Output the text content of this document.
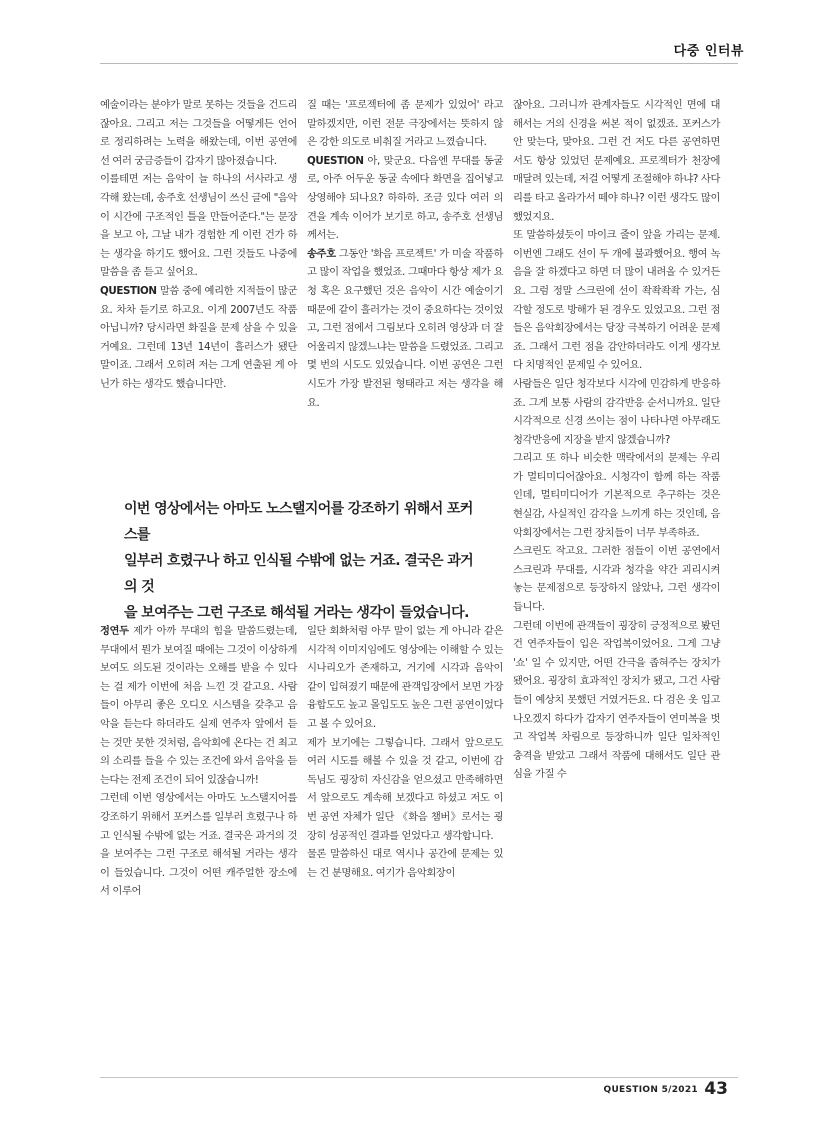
다중 인터뷰

예술이라는 분야가 말로 못하는 것들을 건드리잖아요. 그리고 저는 그것들을 어떻게든 언어로 정리하려는 노력을 해왔는데, 이번 공연에선 여러 궁금증들이 갑자기 많아졌습니다.

이를테면 저는 음악이 늘 하나의 서사라고 생각해 왔는데, 송주호 선생님이 쓰신 글에 "음악이 시간에 구조적인 틀을 만들어준다."는 문장을 보고 아, 그날 내가 경험한 게 이런 건가 하는 생각을 하기도 했어요. 그런 것들도 나중에 말씀을 좀 듣고 싶어요.

QUESTION 말씀 중에 예리한 지적들이 많군요. 차차 듣기로 하고요. 이게 2007년도 작품 아닙니까? 당시라면 화질을 문제 삼을 수 있을 거예요. 그런데 13년 14년이 흘러스가 됐단 말이죠. 그래서 오히려 저는 그게 연출된 게 아닌가 하는 생각도 했습니다만.

질 때는 '프로젝터에 좀 문제가 있었어' 라고 말하겠지만, 이런 전문 극장에서는 뜻하지 않은 강한 의도로 비춰질 거라고 느꼈습니다.

QUESTION 아, 맞군요. 다음엔 무대를 동굴로, 아주 어두운 동굴 속에다 화면을 집어넣고 상영해야 되나요? 하하하. 조금 있다 여러 의견을 계속 이어가 보기로 하고, 송주호 선생님께서는.

송주호 그동안 '화음 프로젝트' 가 미술 작품하고 많이 작업을 했었죠. 그때마다 항상 제가 요청 혹은 요구했던 것은 음악이 시간 예술이기 때문에 같이 흘러가는 것이 중요하다는 것이었고, 그런 점에서 그림보다 오히려 영상과 더 잘 어울리지 않겠느냐는 말씀을 드렸었죠. 그리고 몇 번의 시도도 있었습니다. 이번 공연은 그런 시도가 가장 발전된 형태라고 저는 생각을 해요.

잖아요. 그러니까 관계자들도 시각적인 면에 대해서는 거의 신경을 써본 적이 없겠죠. 포커스가 안 맞는다, 맞아요. 그런 건 저도 다른 공연하면서도 항상 있었던 문제예요. 프로젝터가 천장에 매달려 있는데, 저걸 어떻게 조절해야 하냐? 사다리를 타고 올라가서 떼야 하나? 이런 생각도 많이 했었지요.

또 말씀하셨듯이 마이크 줄이 앞을 가리는 문제. 이번엔 그래도 선이 두 개에 불과했어요. 행여 녹음을 잘 하겠다고 하면 더 많이 내려올 수 있거든요. 그럼 정말 스크린에 선이 좍좍좍좍 가는, 심각할 정도로 방해가 된 경우도 있었고요. 그런 점들은 음악회장에서는 당장 극복하기 어려운 문제죠. 그래서 그런 점을 감안하더라도 이게 생각보다 치명적인 문제일 수 있어요.

사람들은 일단 청각보다 시각에 민감하게 반응하죠. 그게 보통 사람의 감각반응 순서니까요. 일단 시각적으로 신경 쓰이는 점이 나타나면 아무래도 청각반응에 지장을 받지 않겠습니까?

그리고 또 하나 비슷한 맥락에서의 문제는 우리가 멀티미디어잖아요. 시청각이 함께 하는 작품인데, 멀티미디어가 기본적으로 추구하는 것은 현실감, 사실적인 감각을 느끼게 하는 것인데, 음악회장에서는 그런 장치들이 너무 부족하죠.

스크린도 작고요. 그러한 점들이 이번 공연에서 스크린과 무대를, 시각과 청각을 약간 괴리시켜 놓는 문제점으로 등장하지 않았나, 그런 생각이 듭니다.

그런데 이번에 관객들이 굉장히 긍정적으로 봤던 건 연주자들이 입은 작업복이었어요. 그게 그냥 '쇼' 일 수 있지만, 어떤 간극을 좁혀주는 장치가 됐어요. 굉장히 효과적인 장치가 됐고, 그건 사람들이 예상치 못했던 거였거든요. 다 검은 옷 입고 나오겠지 하다가 갑자기 연주자들이 연미복을 벗고 작업복 차림으로 등장하니까 일단 일차적인 충격을 받았고 그래서 작품에 대해서도 일단 관심을 가질 수

이번 영상에서는 아마도 노스탤지어를 강조하기 위해서 포커스를

일부러 흐렸구나 하고 인식될 수밖에 없는 거죠. 결국은 과거의 것

을 보여주는 그런 구조로 해석될 거라는 생각이 들었습니다.

정연두 제가 아까 무대의 힘을 말씀드렸는데, 무대에서 뭔가 보여질 때에는 그것이 이상하게 보여도 의도된 것이라는 오해를 받을 수 있다는 걸 제가 이번에 처음 느낀 것 같고요. 사람들이 아무리 좋은 오디오 시스템을 갖추고 음악을 듣는다 하더라도 실제 연주자 앞에서 듣는 것만 못한 것처럼, 음악회에 온다는 건 최고의 소리를 들을 수 있는 조건에 와서 음악을 듣는다는 전제 조건이 되어 있잖습니까!

그런데 이번 영상에서는 아마도 노스탤지어를 강조하기 위해서 포커스를 일부러 흐렸구나 하고 인식될 수밖에 없는 거죠. 결국은 과거의 것을 보여주는 그런 구조로 해석될 거라는 생각이 들었습니다. 그것이 어떤 캐주얼한 장소에서 이루어

일단 회화처럼 아무 말이 없는 게 아니라 같은 시각적 이미지임에도 영상에는 이해할 수 있는 시나리오가 존재하고, 거기에 시각과 음악이 같이 입혀졌기 때문에 관객입장에서 보면 가장 융합도도 높고 몰입도도 높은 그런 공연이었다고 볼 수 있어요.

제가 보기에는 그렇습니다. 그래서 앞으로도 여러 시도를 해볼 수 있을 것 같고, 이번에 감독님도 굉장히 자신감을 얻으셨고 만족해하면서 앞으로도 계속해 보겠다고 하셨고 저도 이번 공연 자체가 일단 《화음 챔버》로서는 굉장히 성공적인 결과를 얻었다고 생각합니다.

물론 말씀하신 대로 역시나 공간에 문제는 있는 건 분명해요. 여기가 음악회장이

QUESTION 5/2021 43
